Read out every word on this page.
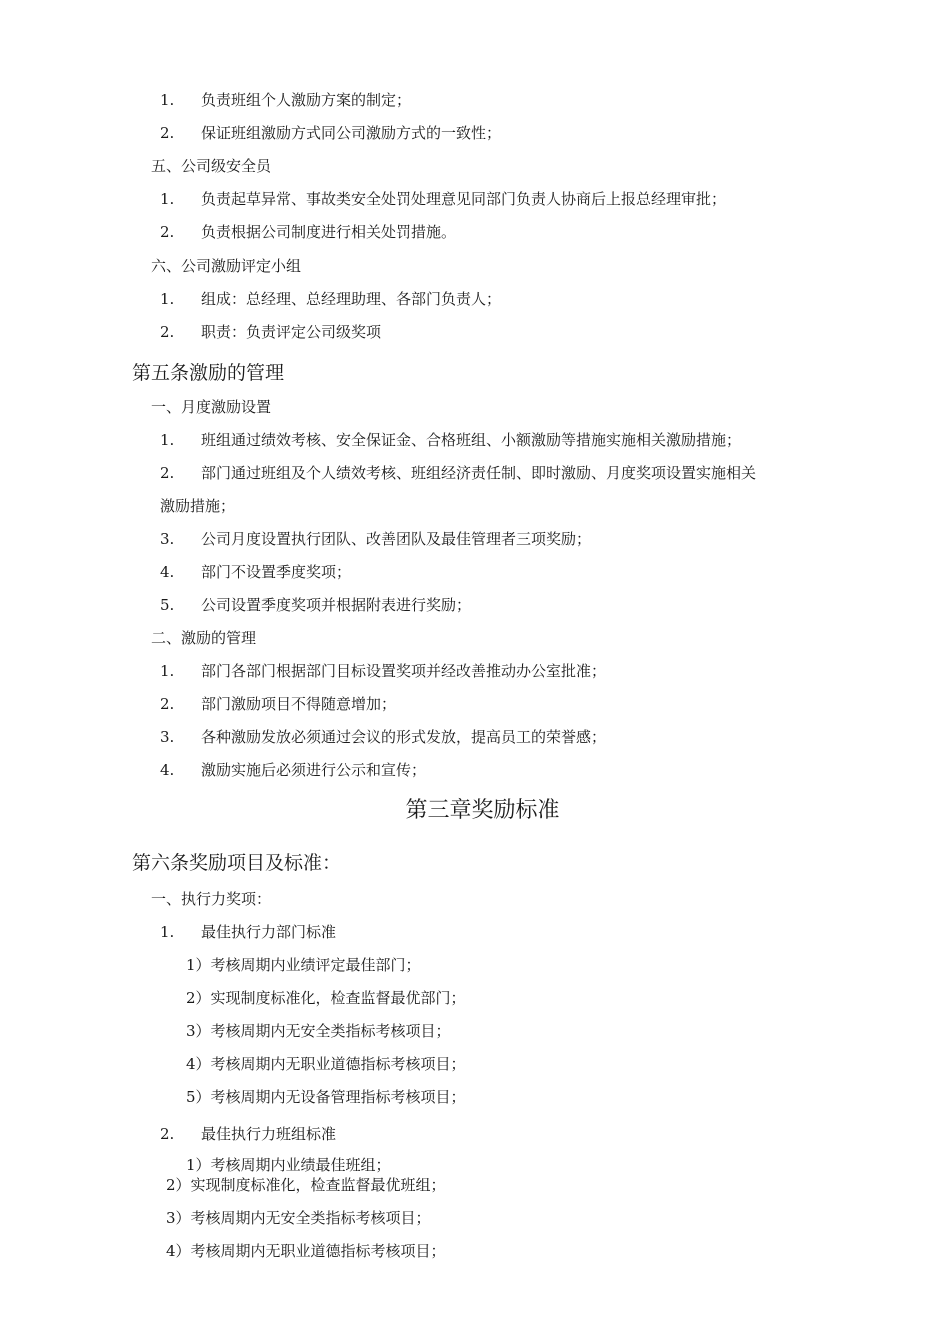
1. 负责班组个人激励方案的制定；
2. 保证班组激励方式同公司激励方式的一致性；
五、公司级安全员
1. 负责起草异常、事故类安全处罚处理意见同部门负责人协商后上报总经理审批；
2. 负责根据公司制度进行相关处罚措施。
六、公司激励评定小组
1. 组成：总经理、总经理助理、各部门负责人；
2. 职责：负责评定公司级奖项
第五条激励的管理
一、月度激励设置
1. 班组通过绩效考核、安全保证金、合格班组、小额激励等措施实施相关激励措施；
2. 部门通过班组及个人绩效考核、班组经济责任制、即时激励、月度奖项设置实施相关
激励措施；
3. 公司月度设置执行团队、改善团队及最佳管理者三项奖励；
4. 部门不设置季度奖项；
5. 公司设置季度奖项并根据附表进行奖励；
二、激励的管理
1. 部门各部门根据部门目标设置奖项并经改善推动办公室批准；
2. 部门激励项目不得随意增加；
3. 各种激励发放必须通过会议的形式发放，提高员工的荣誉感；
4. 激励实施后必须进行公示和宣传；
第三章奖励标准
第六条奖励项目及标准：
一、执行力奖项：
1. 最佳执行力部门标准
1）考核周期内业绩评定最佳部门；
2）实现制度标准化，检查监督最优部门；
3）考核周期内无安全类指标考核项目；
4）考核周期内无职业道德指标考核项目；
5）考核周期内无设备管理指标考核项目；
2. 最佳执行力班组标准
1）考核周期内业绩最佳班组；
2）实现制度标准化，检查监督最优班组；
3）考核周期内无安全类指标考核项目；
4）考核周期内无职业道德指标考核项目；
